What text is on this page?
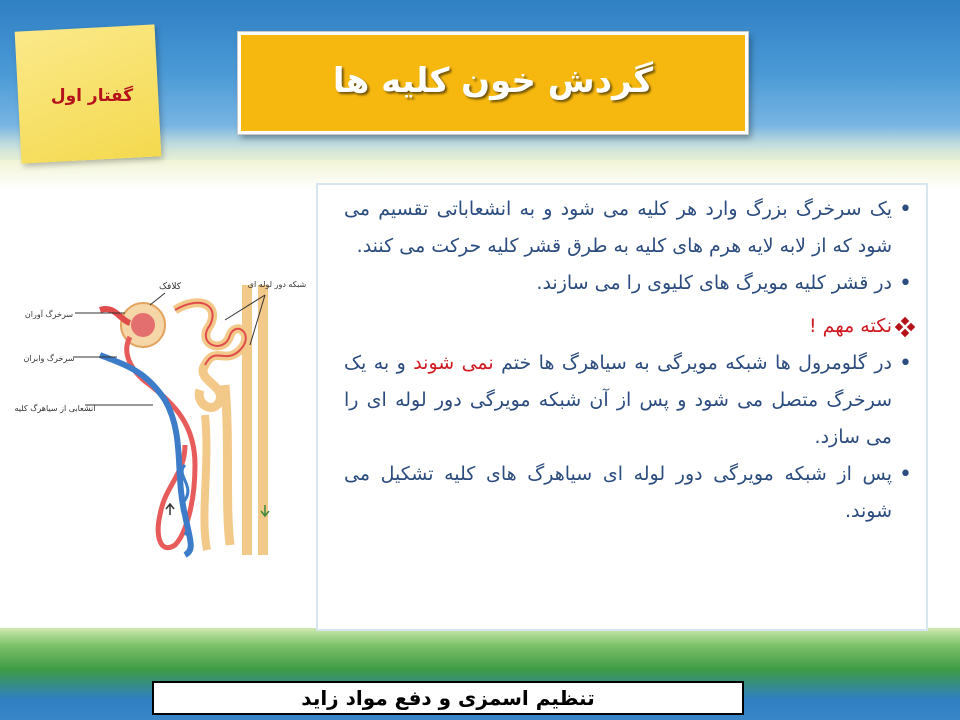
گفتار اول	گردش خون کلیه ها
کلافک	شبکه دور لوله ای
سرخرگ آوران
سرخرگ وابران
انشعابی از سیاهرگ کلیه
•
یک سرخرگ بزرگ وارد هر کلیه می شود و به انشعاباتی تقسیم می شود که از لابه لایه هرم های کلیه به طرق قشر کلیه حرکت می کنند.
•
در قشر کلیه مویرگ های کلیوی را می سازند.
نکته مهم !
•
در گلومرول ها شبکه مویرگی به سیاهرگ ها ختم نمی شوند و به یک سرخرگ متصل می شود و پس از آن شبکه مویرگی دور لوله ای را می سازد.
•
پس از شبکه مویرگی دور لوله ای سیاهرگ های کلیه تشکیل می شوند.
تنظیم اسمزی و دفع مواد زاید
